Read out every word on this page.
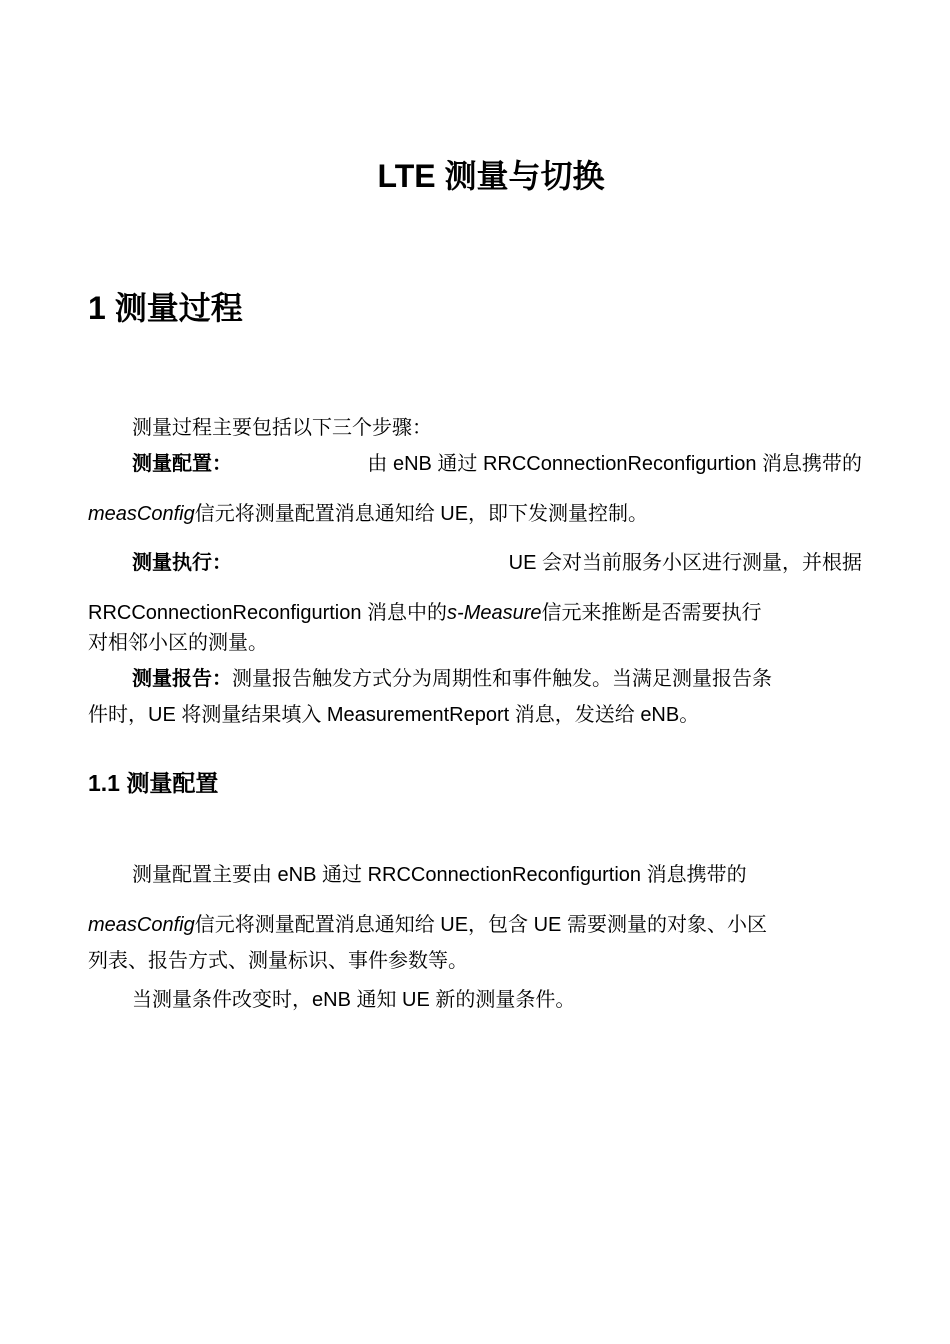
LTE 测量与切换
1 测量过程
测量过程主要包括以下三个步骤：
测量配置：	由 eNB 通过 RRCConnectionReconfigurtion 消息携带的
measConfig信元将测量配置消息通知给 UE，即下发测量控制。
测量执行：	UE 会对当前服务小区进行测量，并根据
RRCConnectionReconfigurtion 消息中的s-Measure信元来推断是否需要执行
对相邻小区的测量。
测量报告：测量报告触发方式分为周期性和事件触发。当满足测量报告条
件时，UE 将测量结果填入 MeasurementReport 消息，发送给 eNB。
1.1 测量配置
测量配置主要由 eNB 通过 RRCConnectionReconfigurtion 消息携带的
measConfig信元将测量配置消息通知给 UE，包含 UE 需要测量的对象、小区
列表、报告方式、测量标识、事件参数等。
当测量条件改变时，eNB 通知 UE 新的测量条件。
